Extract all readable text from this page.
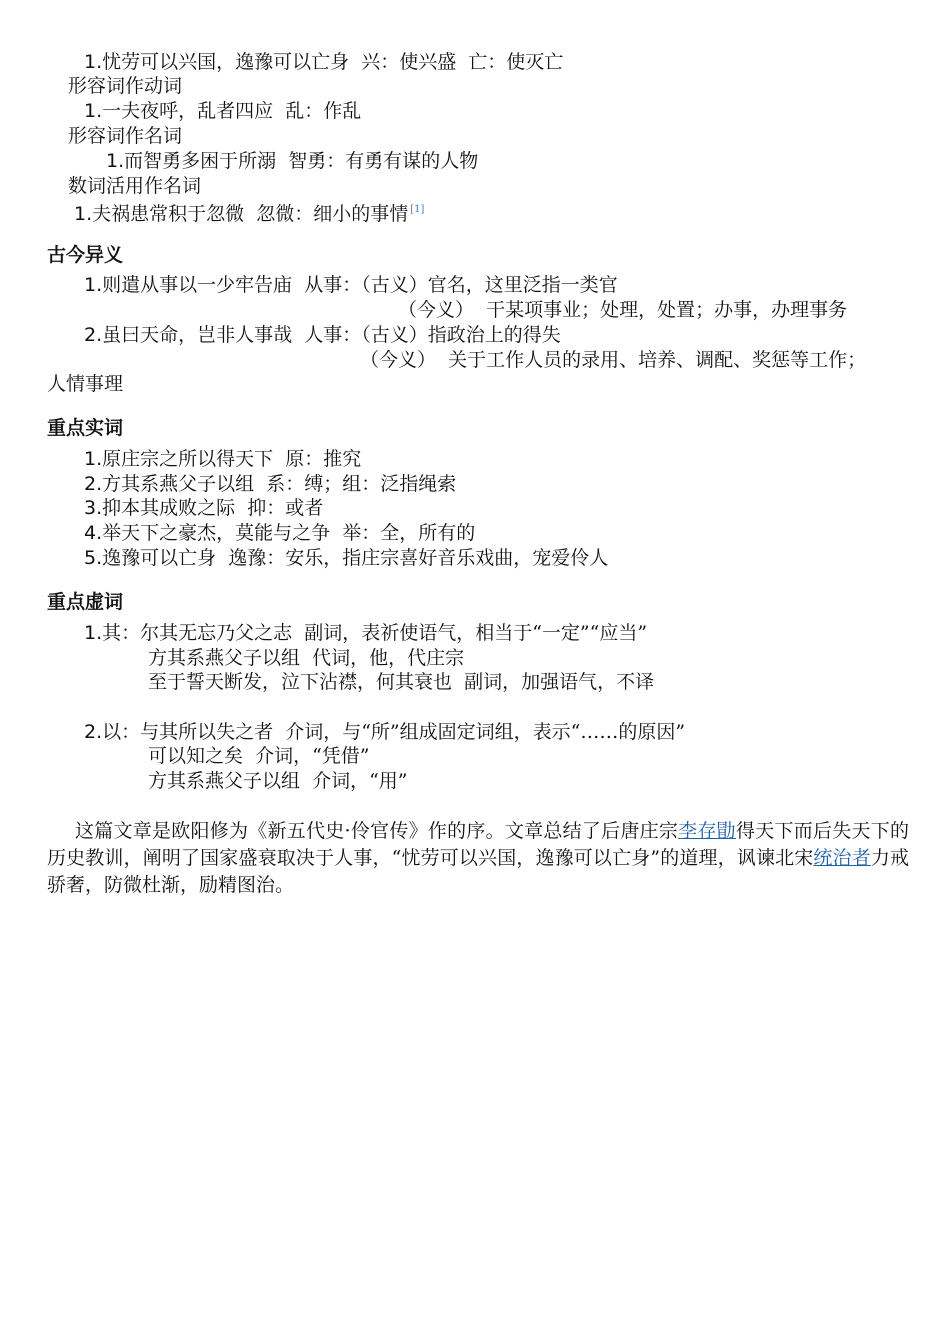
1.忧劳可以兴国，逸豫可以亡身  兴：使兴盛  亡：使灭亡
形容词作动词
1.一夫夜呼，乱者四应  乱：作乱
形容词作名词
1.而智勇多困于所溺  智勇：有勇有谋的人物
数词活用作名词
1.夫祸患常积于忽微  忽微：细小的事情 [1]
古今异义
1.则遣从事以一少牢告庙  从事：（古义）官名，这里泛指一类官
（今义）  干某项事业；处理，处置；办事，办理事务
2.虽曰天命，岂非人事哉  人事：（古义）指政治上的得失
（今义）  关于工作人员的录用、培养、调配、奖惩等工作；
人情事理
重点实词
1.原庄宗之所以得天下  原：推究
2.方其系燕父子以组  系：缚；组：泛指绳索
3.抑本其成败之际  抑：或者
4.举天下之豪杰，莫能与之争  举：全，所有的
5.逸豫可以亡身  逸豫：安乐，指庄宗喜好音乐戏曲，宠爱伶人
重点虚词
1.其：尔其无忘乃父之志  副词，表祈使语气，相当于“一定”“应当”
方其系燕父子以组  代词，他，代庄宗
至于誓天断发，泣下沾襟，何其衰也  副词，加强语气，不译
2.以：与其所以失之者  介词，与“所”组成固定词组，表示“……的原因”
可以知之矣  介词，“凭借”
方其系燕父子以组  介词，“用”
这篇文章是欧阳修为《新五代史·伶官传》作的序。文章总结了后唐庄宗李存勖得天下而后失天下的历史教训，阐明了国家盛衰取决于人事，“忧劳可以兴国，逸豫可以亡身”的道理，讽谏北宋统治者力戒骄奢，防微杜渐，励精图治。
